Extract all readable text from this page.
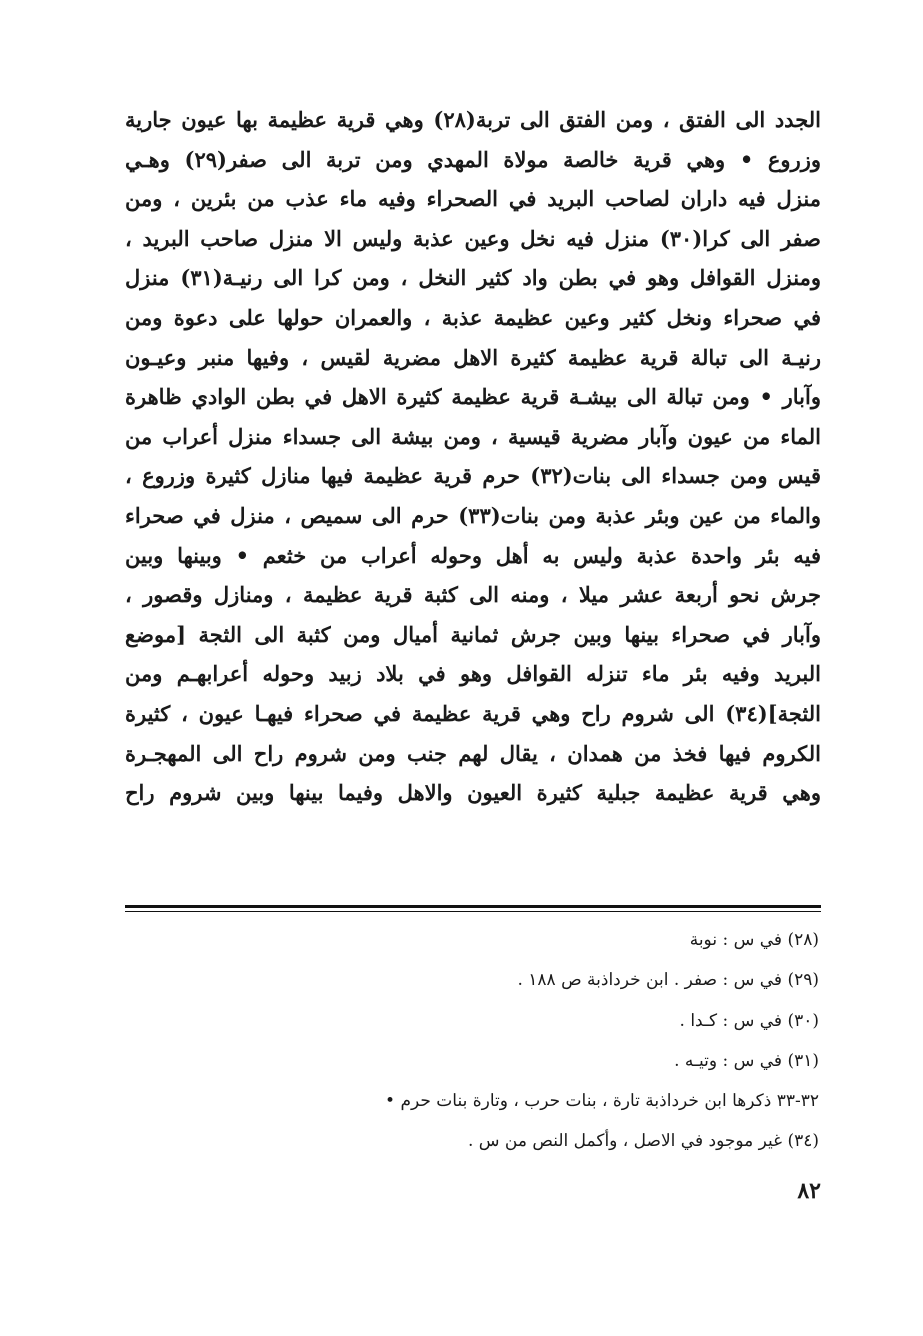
الجدد الى الفتق ، ومن الفتق الى تربة(٢٨) وهي قرية عظيمة بها عيون جارية
وزروع • وهي قرية خالصة مولاة المهدي ومن تربة الى صفر(٢٩) وهـي
منزل فيه داران لصاحب البريد في الصحراء وفيه ماء عذب من بئرين ، ومن
صفر الى كرا(٣٠) منزل فيه نخل وعين عذبة وليس الا منزل صاحب البريد ،
ومنزل القوافل وهو في بطن واد كثير النخل ، ومن كرا الى رنيـة(٣١) منزل
في صحراء ونخل كثير وعين عظيمة عذبة ، والعمران حولها على دعوة ومن
رنيـة الى تبالة قرية عظيمة كثيرة الاهل مضرية لقيس ، وفيها منبر وعيـون
وآبار • ومن تبالة الى بيشـة قرية عظيمة كثيرة الاهل في بطن الوادي ظاهرة
الماء من عيون وآبار مضرية قيسية ، ومن بيشة الى جسداء منزل أعراب من
قيس ومن جسداء الى بنات(٣٢) حرم قرية عظيمة فيها منازل كثيرة وزروع ،
والماء من عين وبئر عذبة ومن بنات(٣٣) حرم الى سميص ، منزل في صحراء
فيه بئر واحدة عذبة وليس به أهل وحوله أعراب من خثعم • وبينها وبين
جرش نحو أربعة عشر ميلا ، ومنه الى كثبة قرية عظيمة ، ومنازل وقصور ،
وآبار في صحراء بينها وبين جرش ثمانية أميال ومن كثبة الى الثجة [موضع
البريد وفيه بئر ماء تنزله القوافل وهو في بلاد زبيد وحوله أعرابهـم ومن
الثجة](٣٤) الى شروم راح وهي قرية عظيمة في صحراء فيهـا عيون ، كثيرة
الكروم فيها فخذ من همدان ، يقال لهم جنب ومن شروم راح الى المهجـرة
وهي قرية عظيمة جبلية كثيرة العيون والاهل وفيما بينها وبين شروم راح
(٢٨) في س : نوبة
(٢٩) في س : صفر . ابن خرداذبة ص ١٨٨ .
(٣٠) في س : كـدا .
(٣١) في س : وتيـه .
٣٢-٣٣ ذكرها ابن خرداذبة تارة ، بنات حرب ، وتارة بنات حرم •
(٣٤) غير موجود في الاصل ، وأكمل النص من س .
٨٢
